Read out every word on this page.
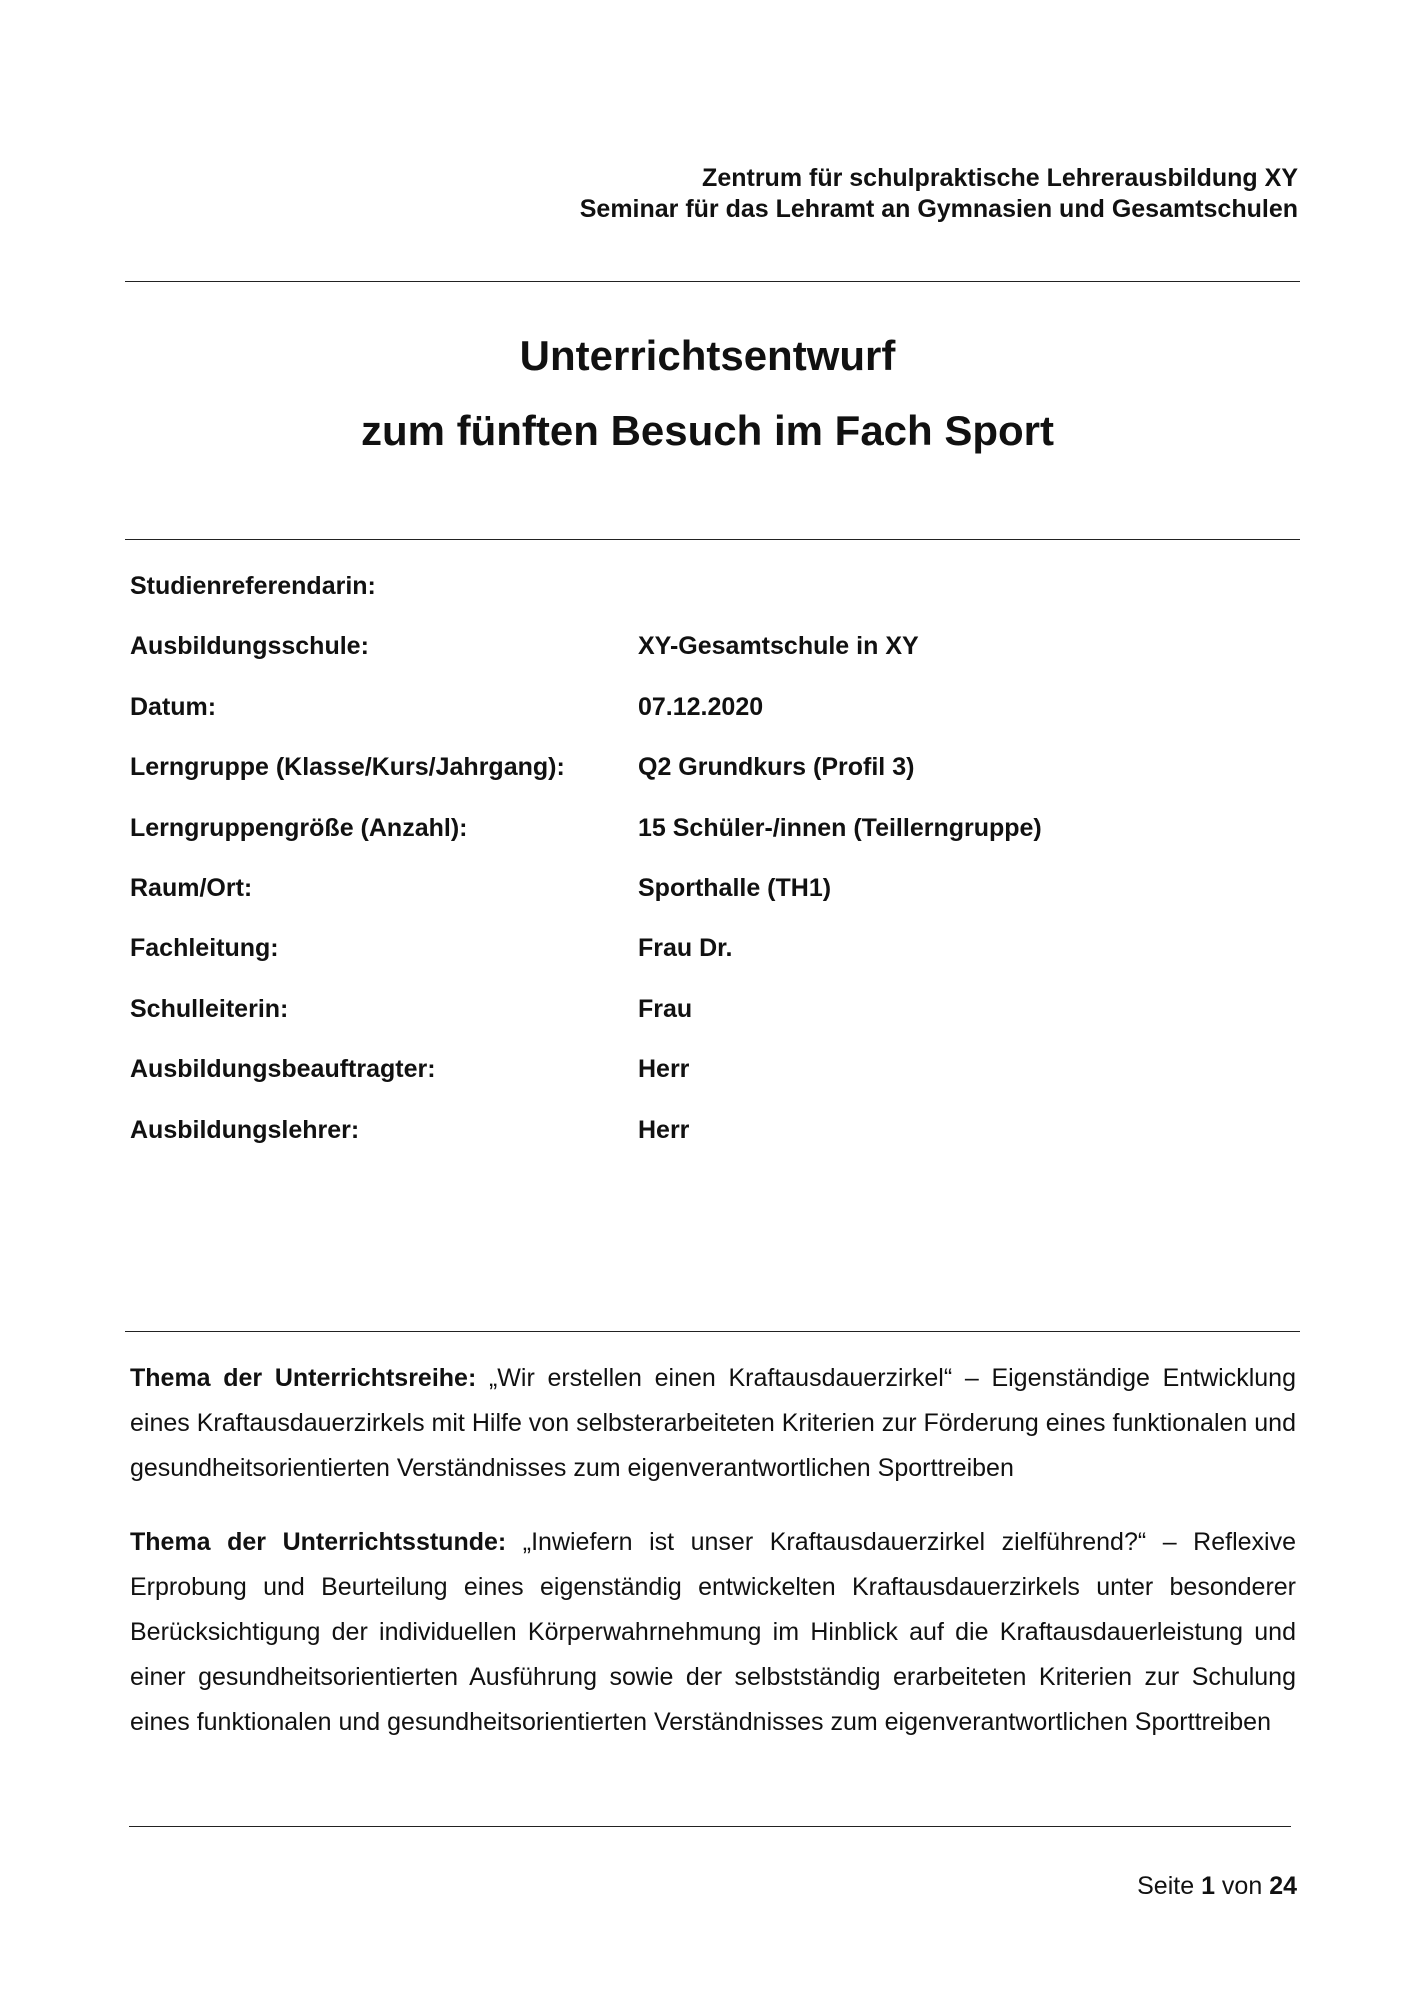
Zentrum für schulpraktische Lehrerausbildung XY
Seminar für das Lehramt an Gymnasien und Gesamtschulen
Unterrichtsentwurf
zum fünften Besuch im Fach Sport
Studienreferendarin:
Ausbildungsschule:	XY-Gesamtschule in XY
Datum:	07.12.2020
Lerngruppe (Klasse/Kurs/Jahrgang):	Q2 Grundkurs (Profil 3)
Lerngruppengröße (Anzahl):	15 Schüler-/innen (Teillerngruppe)
Raum/Ort:	Sporthalle (TH1)
Fachleitung:	Frau Dr.
Schulleiterin:	Frau
Ausbildungsbeauftragter:	Herr
Ausbildungslehrer:	Herr
Thema der Unterrichtsreihe: „Wir erstellen einen Kraftausdauerzirkel“ – Eigenständige Entwicklung eines Kraftausdauerzirkels mit Hilfe von selbsterarbeiteten Kriterien zur Förderung eines funktionalen und gesundheitsorientierten Verständnisses zum eigenverantwortlichen Sporttreiben
Thema der Unterrichtsstunde: „Inwiefern ist unser Kraftausdauerzirkel zielführend?“ – Reflexive Erprobung und Beurteilung eines eigenständig entwickelten Kraftausdauerzirkels unter besonderer Berücksichtigung der individuellen Körperwahrnehmung im Hinblick auf die Kraftausdauerleistung und einer gesundheitsorientierten Ausführung sowie der selbstständig erarbeiteten Kriterien zur Schulung eines funktionalen und gesundheitsorientierten Verständnisses zum eigenverantwortlichen Sporttreiben
Seite 1 von 24
